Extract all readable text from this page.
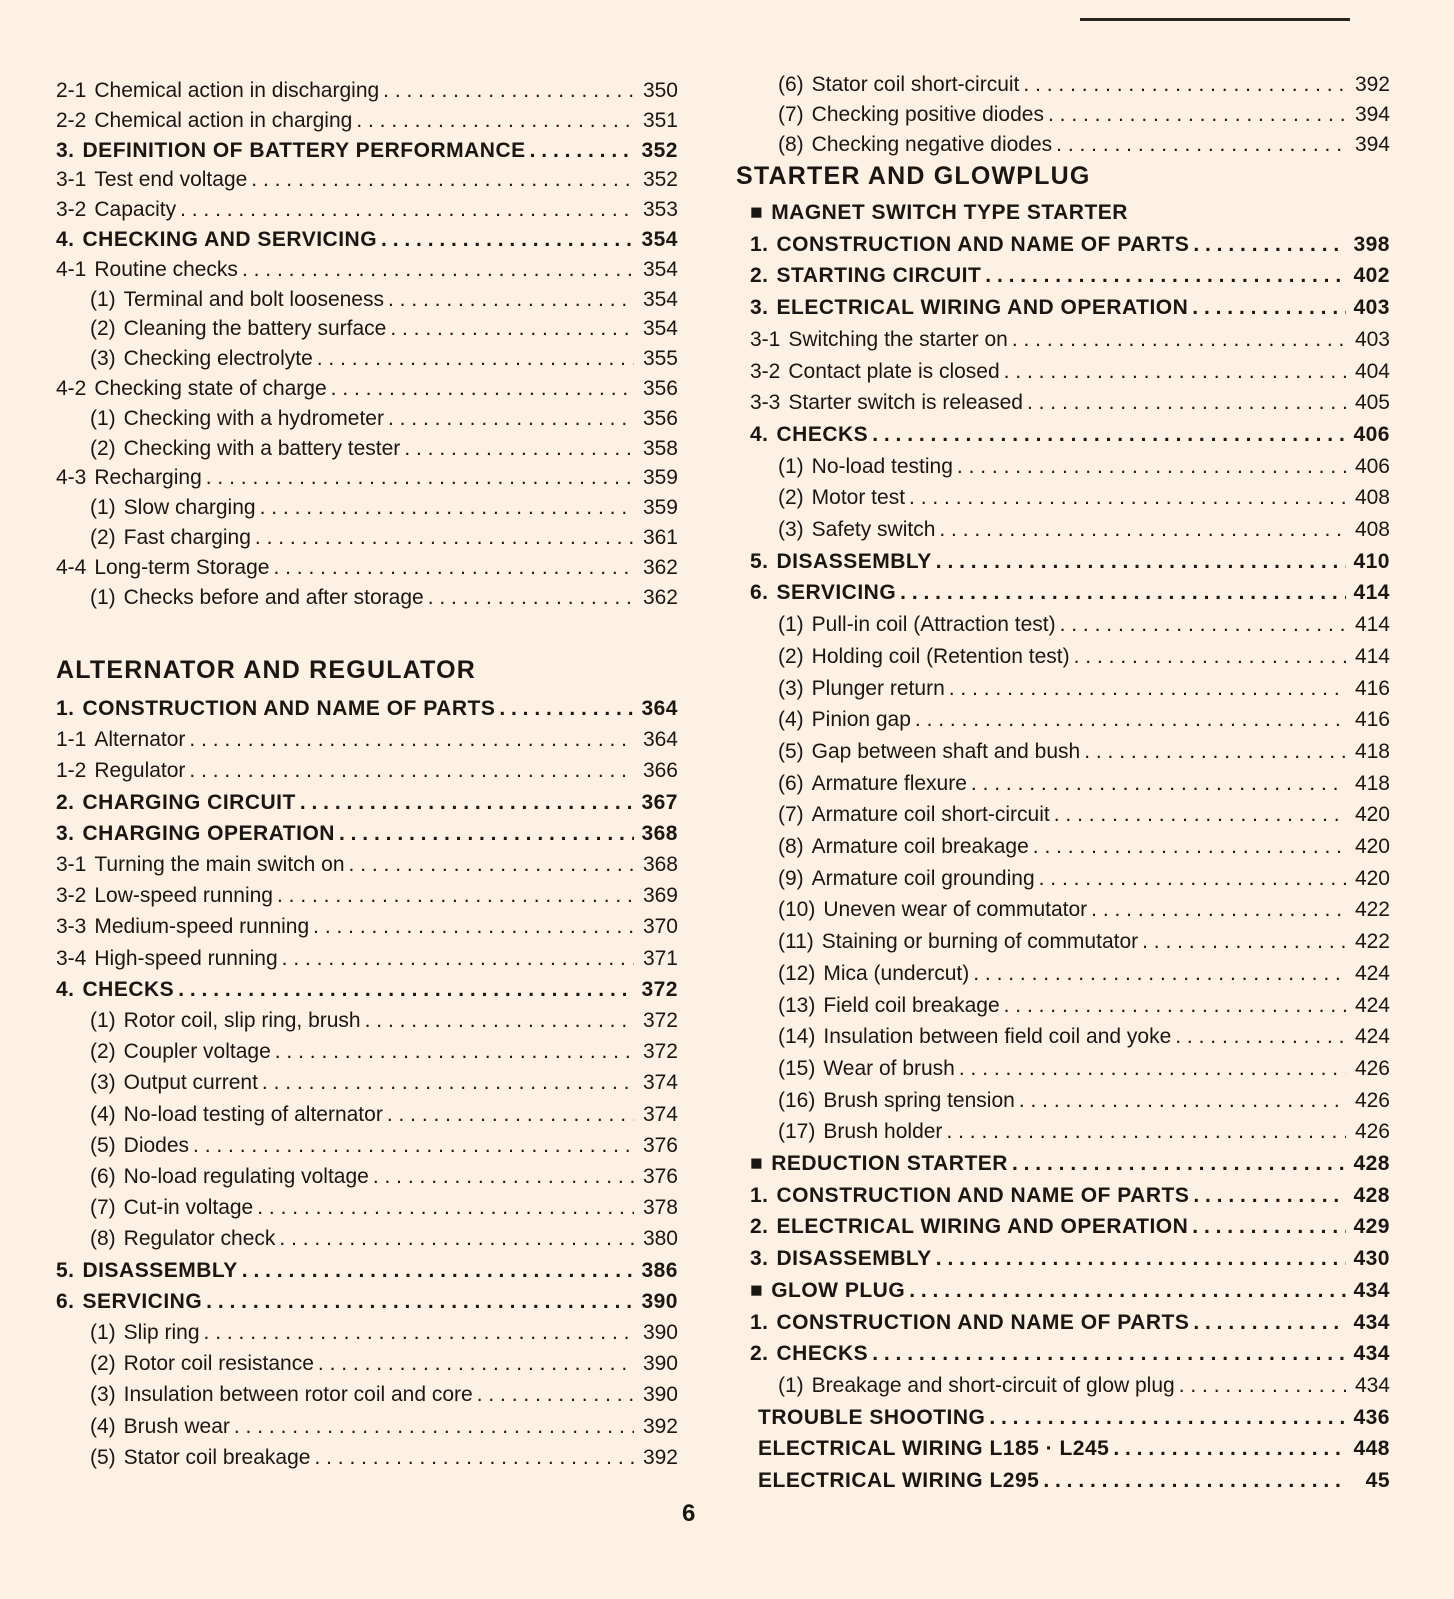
2-1 Chemical action in discharging . . .	350
2-2 Chemical action in charging . . .	351
3. DEFINITION OF BATTERY PERFORMANCE . . .	352
3-1 Test end voltage . . .	352
3-2 Capacity . . .	353
4. CHECKING AND SERVICING . . .	354
4-1 Routine checks . . .	354
(1) Terminal and bolt looseness . . .	354
(2) Cleaning the battery surface . . .	354
(3) Checking electrolyte . . .	355
4-2 Checking state of charge . . .	356
(1) Checking with a hydrometer . . .	356
(2) Checking with a battery tester . . .	358
4-3 Recharging . . .	359
(1) Slow charging . . .	359
(2) Fast charging . . .	361
4-4 Long-term Storage . . .	362
(1) Checks before and after storage . . .	362
ALTERNATOR AND REGULATOR
1. CONSTRUCTION AND NAME OF PARTS . . .	364
1-1 Alternator . . .	364
1-2 Regulator . . .	366
2. CHARGING CIRCUIT . . .	367
3. CHARGING OPERATION . . .	368
3-1 Turning the main switch on . . .	368
3-2 Low-speed running . . .	369
3-3 Medium-speed running . . .	370
3-4 High-speed running . . .	371
4. CHECKS . . .	372
(1) Rotor coil, slip ring, brush . . .	372
(2) Coupler voltage . . .	372
(3) Output current . . .	374
(4) No-load testing of alternator . . .	374
(5) Diodes . . .	376
(6) No-load regulating voltage . . .	376
(7) Cut-in voltage . . .	378
(8) Regulator check . . .	380
5. DISASSEMBLY . . .	386
6. SERVICING . . .	390
(1) Slip ring . . .	390
(2) Rotor coil resistance . . .	390
(3) Insulation between rotor coil and core . . .	390
(4) Brush wear . . .	392
(5) Stator coil breakage . . .	392
(6) Stator coil short-circuit . . .	392
(7) Checking positive diodes . . .	394
(8) Checking negative diodes . . .	394
STARTER AND GLOWPLUG
■ MAGNET SWITCH TYPE STARTER
1. CONSTRUCTION AND NAME OF PARTS . . .	398
2. STARTING CIRCUIT . . .	402
3. ELECTRICAL WIRING AND OPERATION . . .	403
3-1 Switching the starter on . . .	403
3-2 Contact plate is closed . . .	404
3-3 Starter switch is released . . .	405
4. CHECKS . . .	406
(1) No-load testing . . .	406
(2) Motor test . . .	408
(3) Safety switch . . .	408
5. DISASSEMBLY . . .	410
6. SERVICING . . .	414
(1) Pull-in coil (Attraction test) . . .	414
(2) Holding coil (Retention test) . . .	414
(3) Plunger return . . .	416
(4) Pinion gap . . .	416
(5) Gap between shaft and bush . . .	418
(6) Armature flexure . . .	418
(7) Armature coil short-circuit . . .	420
(8) Armature coil breakage . . .	420
(9) Armature coil grounding . . .	420
(10) Uneven wear of commutator . . .	422
(11) Staining or burning of commutator . . .	422
(12) Mica (undercut) . . .	424
(13) Field coil breakage . . .	424
(14) Insulation between field coil and yoke . . .	424
(15) Wear of brush . . .	426
(16) Brush spring tension . . .	426
(17) Brush holder . . .	426
■ REDUCTION STARTER . . .	428
1. CONSTRUCTION AND NAME OF PARTS . . .	428
2. ELECTRICAL WIRING AND OPERATION . . .	429
3. DISASSEMBLY . . .	430
■ GLOW PLUG . . .	434
1. CONSTRUCTION AND NAME OF PARTS . . .	434
2. CHECKS . . .	434
(1) Breakage and short-circuit of glow plug . . .	434
TROUBLE SHOOTING . . .	436
ELECTRICAL WIRING L185 · L245 . . .	448
ELECTRICAL WIRING L295 . . .	45
6
